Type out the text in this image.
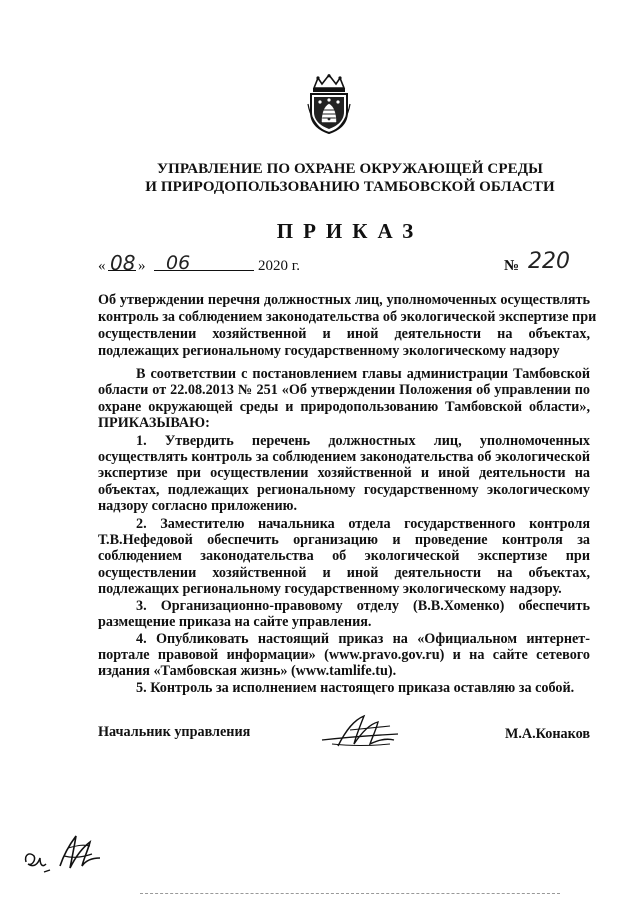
УПРАВЛЕНИЕ ПО ОХРАНЕ ОКРУЖАЮЩЕЙ СРЕДЫ
И ПРИРОДОПОЛЬЗОВАНИЮ ТАМБОВСКОЙ ОБЛАСТИ
ПРИКАЗ
« 08 » 06	2020 г.	№ 220
Об утверждении перечня должностных лиц, уполномоченных осуществлять
контроль за соблюдением законодательства об экологической экспертизе при
осуществлении хозяйственной и иной деятельности на объектах,
подлежащих региональному государственному экологическому надзору
В соответствии с постановлением главы администрации Тамбовской
области от 22.08.2013 № 251 «Об утверждении Положения об управлении по
охране окружающей среды и природопользованию Тамбовской области»,
ПРИКАЗЫВАЮ:
1. Утвердить перечень должностных лиц, уполномоченных
осуществлять контроль за соблюдением законодательства об экологической
экспертизе при осуществлении хозяйственной и иной деятельности на
объектах, подлежащих региональному государственному экологическому
надзору согласно приложению.
2. Заместителю начальника отдела государственного контроля
Т.В.Нефедовой обеспечить организацию и проведение контроля за
соблюдением законодательства об экологической экспертизе при
осуществлении хозяйственной и иной деятельности на объектах,
подлежащих региональному государственному экологическому надзору.
3. Организационно-правовому отделу (В.В.Хоменко) обеспечить
размещение приказа на сайте управления.
4. Опубликовать настоящий приказ на «Официальном интернет-
портале правовой информации» (www.pravo.gov.ru) и на сайте сетевого
издания «Тамбовская жизнь» (www.tamlife.tu).
5. Контроль за исполнением настоящего приказа оставляю за собой.
Начальник управления	М.А.Конаков
